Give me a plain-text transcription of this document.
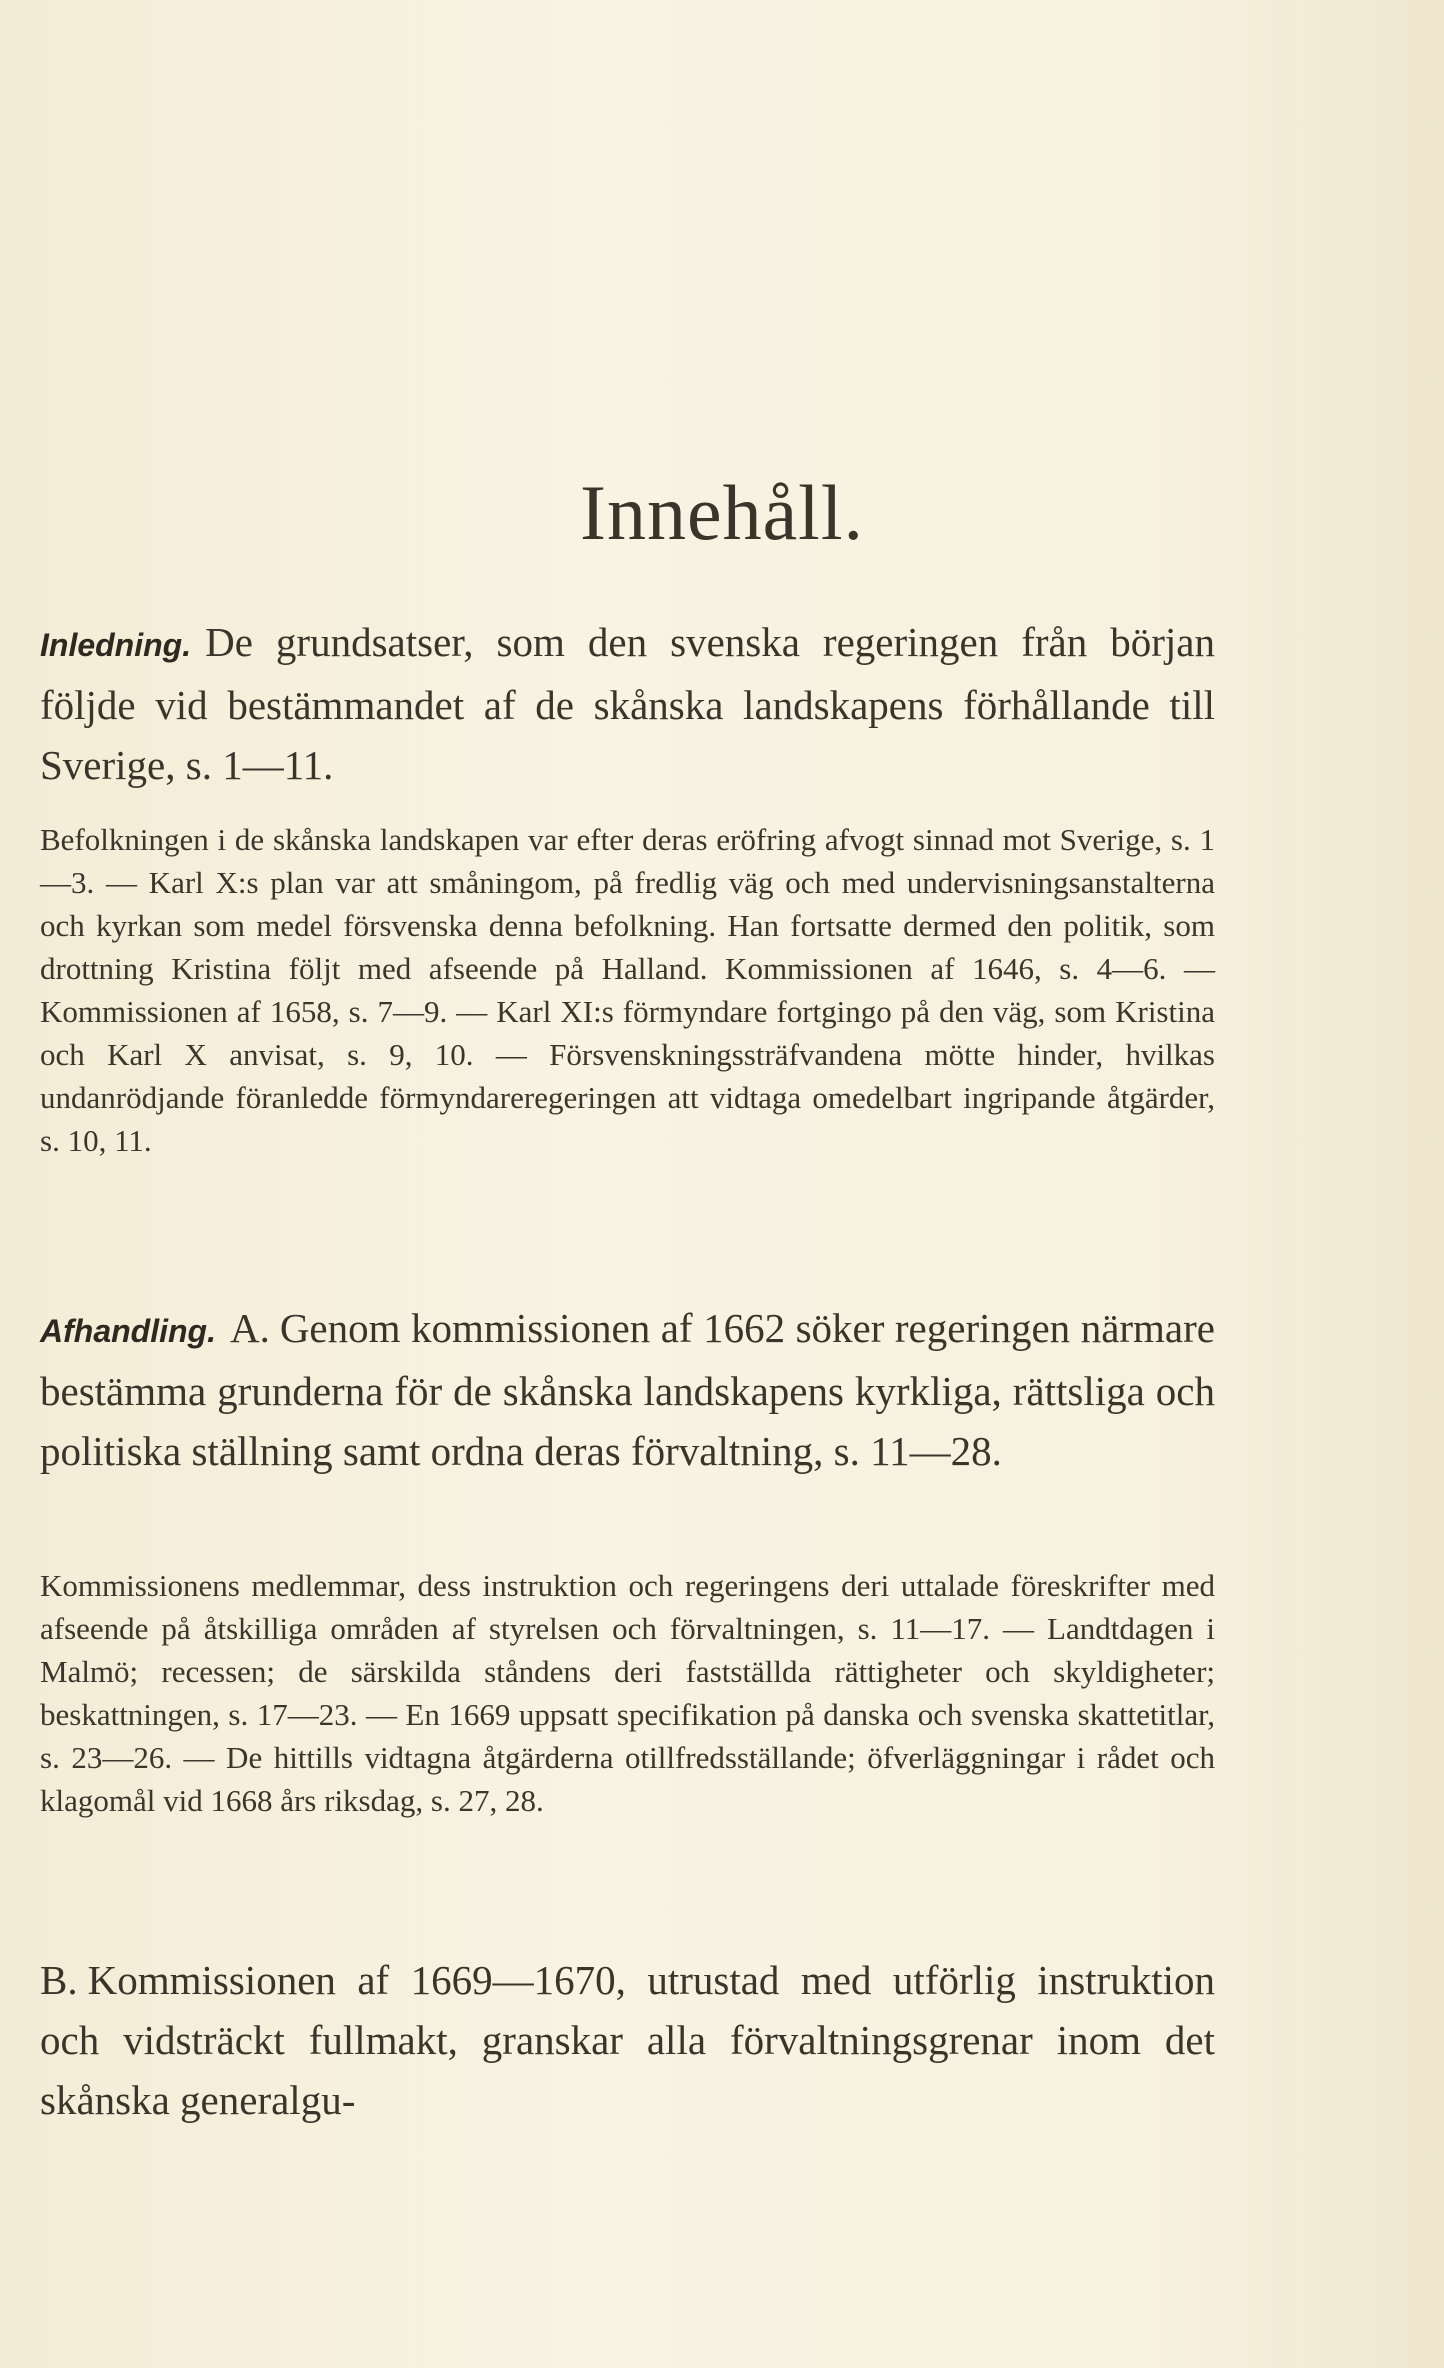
Innehåll.
Inledning. De grundsatser, som den svenska regeringen från början följde vid bestämmandet af de skånska landskapens förhållande till Sverige, s. 1—11.
Befolkningen i de skånska landskapen var efter deras eröfring afvogt sinnad mot Sverige, s. 1—3. — Karl X:s plan var att småningom, på fredlig väg och med undervisningsanstalterna och kyrkan som medel försvenska denna befolkning. Han fortsatte dermed den politik, som drottning Kristina följt med afseende på Halland. Kommissionen af 1646, s. 4—6. — Kommissionen af 1658, s. 7—9. — Karl XI:s förmyndare fortgingo på den väg, som Kristina och Karl X anvisat, s. 9, 10. — Försvenskningssträfvandena mötte hinder, hvilkas undanrödjande föranledde förmyndareregeringen att vidtaga omedelbart ingripande åtgärder, s. 10, 11.
Afhandling. A. Genom kommissionen af 1662 söker regeringen närmare bestämma grunderna för de skånska landskapens kyrkliga, rättsliga och politiska ställning samt ordna deras förvaltning, s. 11—28.
Kommissionens medlemmar, dess instruktion och regeringens deri uttalade föreskrifter med afseende på åtskilliga områden af styrelsen och förvaltningen, s. 11—17. — Landtdagen i Malmö; recessen; de särskilda ståndens deri fastställda rättigheter och skyldigheter; beskattningen, s. 17—23. — En 1669 uppsatt specifikation på danska och svenska skattetitlar, s. 23—26. — De hittills vidtagna åtgärderna otillfredsställande; öfverläggningar i rådet och klagomål vid 1668 års riksdag, s. 27, 28.
B. Kommissionen af 1669—1670, utrustad med utförlig instruktion och vidsträckt fullmakt, granskar alla förvaltningsgrenar inom det skånska generalgu-
